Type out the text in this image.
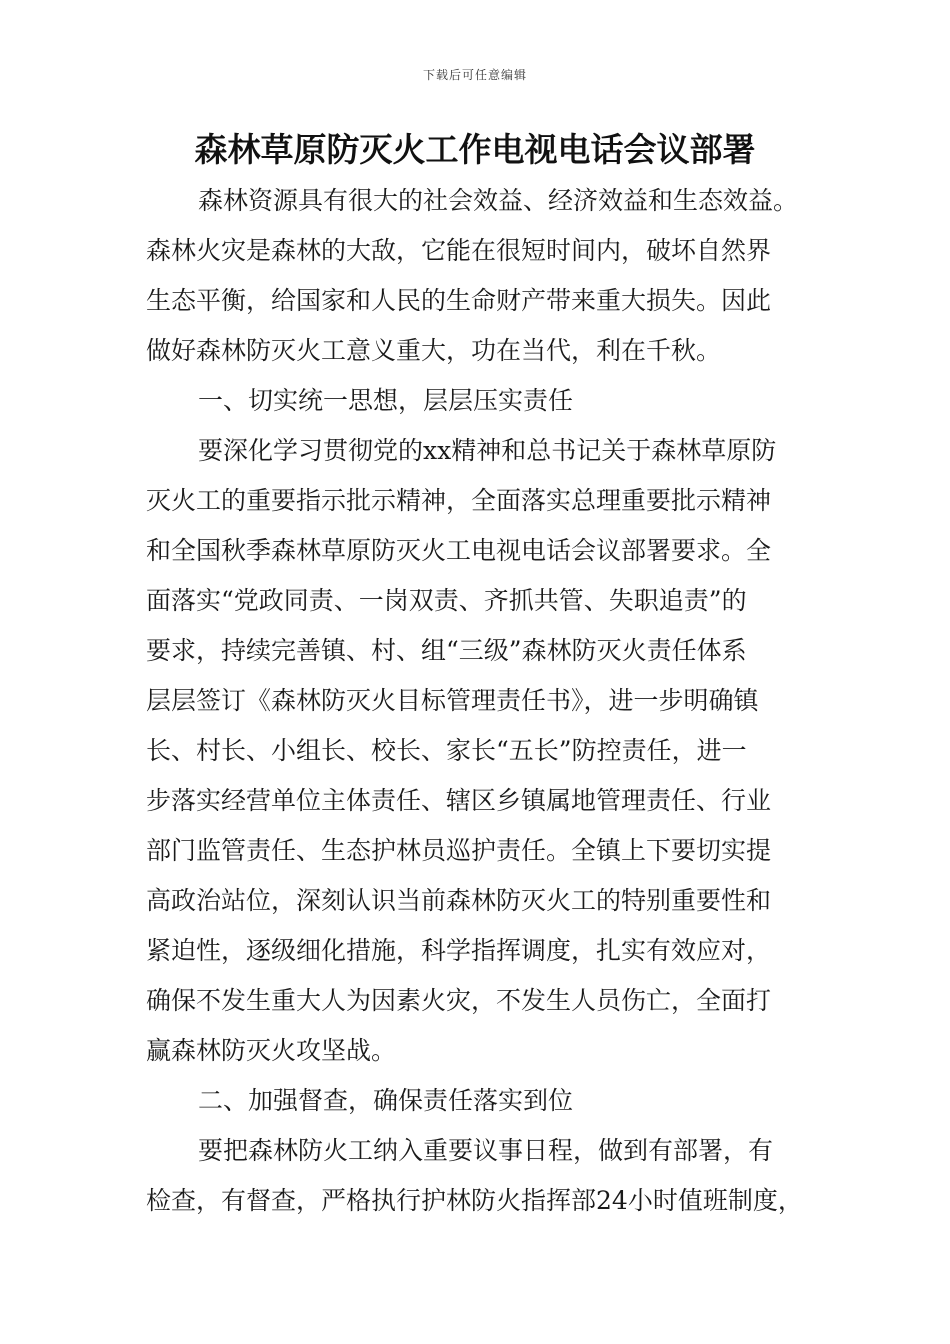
下载后可任意编辑
森林草原防灭火工作电视电话会议部署

森林资源具有很大的社会效益、经济效益和生态效益。

森林火灾是森林的大敌，它能在很短时间内，破坏自然界

生态平衡，给国家和人民的生命财产带来重大损失。因此

做好森林防灭火工意义重大，功在当代，利在千秋。

一、切实统一思想，层层压实责任

要深化学习贯彻党的xx精神和总书记关于森林草原防

灭火工的重要指示批示精神，全面落实总理重要批示精神

和全国秋季森林草原防灭火工电视电话会议部署要求。全

面落实“党政同责、一岗双责、齐抓共管、失职追责”的

要求，持续完善镇、村、组“三级”森林防灭火责任体系

层层签订《森林防灭火目标管理责任书》，进一步明确镇

长、村长、小组长、校长、家长“五长”防控责任，进一

步落实经营单位主体责任、辖区乡镇属地管理责任、行业

部门监管责任、生态护林员巡护责任。全镇上下要切实提

高政治站位，深刻认识当前森林防灭火工的特别重要性和

紧迫性，逐级细化措施，科学指挥调度，扎实有效应对，

确保不发生重大人为因素火灾，不发生人员伤亡，全面打

赢森林防灭火攻坚战。

二、加强督查，确保责任落实到位

要把森林防火工纳入重要议事日程，做到有部署，有

检查，有督查，严格执行护林防火指挥部24小时值班制度，
